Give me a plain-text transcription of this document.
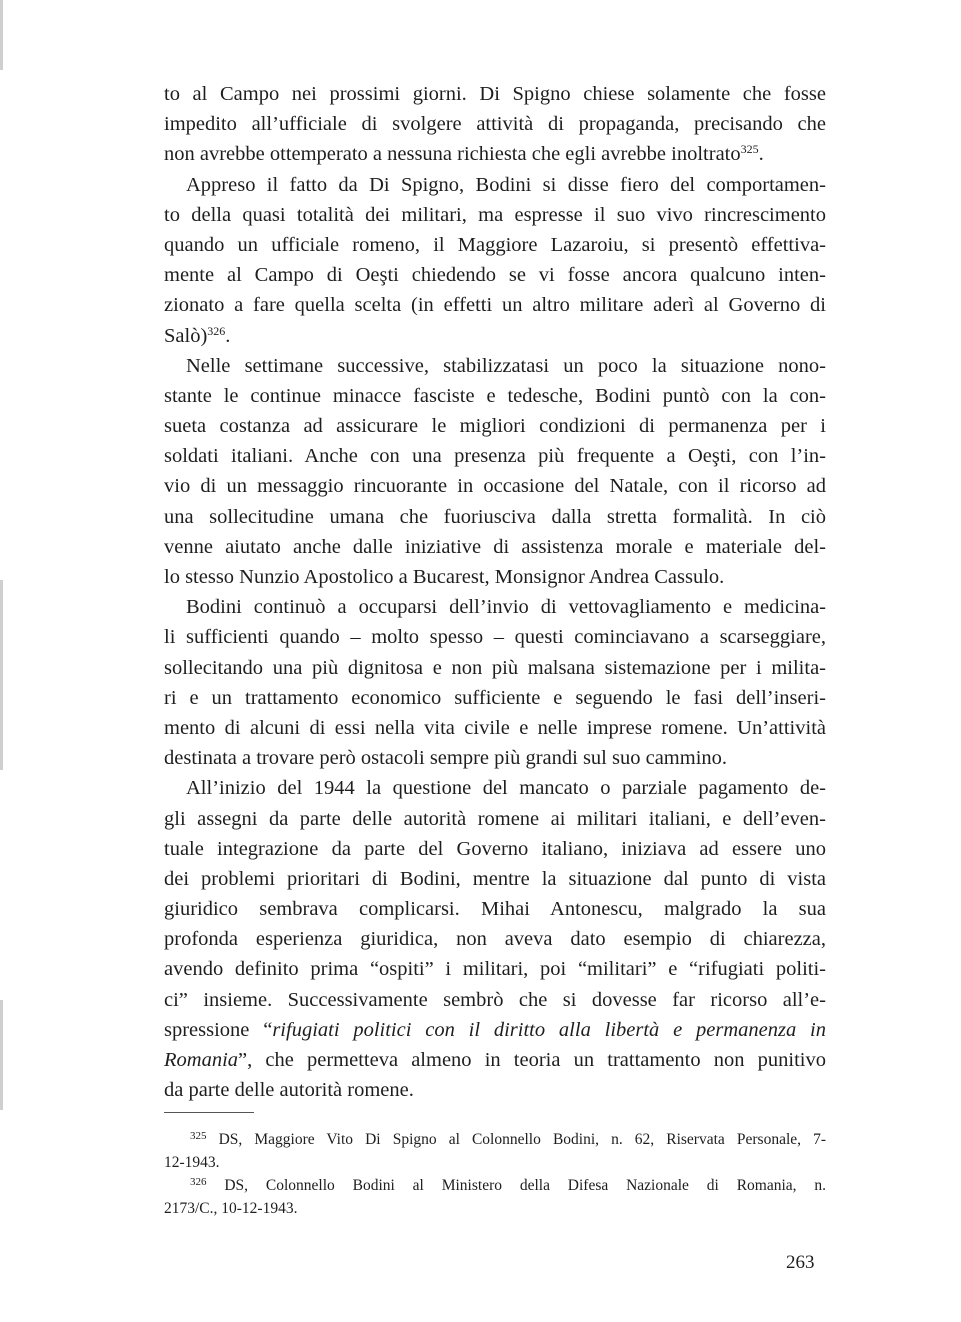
to al Campo nei prossimi giorni. Di Spigno chiese solamente che fosse
impedito all’ufficiale di svolgere attività di propaganda, precisando che
non avrebbe ottemperato a nessuna richiesta che egli avrebbe inoltrato$^{325}$.
Appreso il fatto da Di Spigno, Bodini si disse fiero del comportamen-
to della quasi totalità dei militari, ma espresse il suo vivo rincrescimento
quando un ufficiale romeno, il Maggiore Lazaroiu, si presentò effettiva-
mente al Campo di Oeşti chiedendo se vi fosse ancora qualcuno inten-
zionato a fare quella scelta (in effetti un altro militare aderì al Governo di
Salò)$^{326}$.
Nelle settimane successive, stabilizzatasi un poco la situazione nono-
stante le continue minacce fasciste e tedesche, Bodini puntò con la con-
sueta costanza ad assicurare le migliori condizioni di permanenza per i
soldati italiani. Anche con una presenza più frequente a Oeşti, con l’in-
vio di un messaggio rincuorante in occasione del Natale, con il ricorso ad
una sollecitudine umana che fuoriusciva dalla stretta formalità. In ciò
venne aiutato anche dalle iniziative di assistenza morale e materiale del-
lo stesso Nunzio Apostolico a Bucarest, Monsignor Andrea Cassulo.
Bodini continuò a occuparsi dell’invio di vettovagliamento e medicina-
li sufficienti quando – molto spesso – questi cominciavano a scarseggiare,
sollecitando una più dignitosa e non più malsana sistemazione per i milita-
ri e un trattamento economico sufficiente e seguendo le fasi dell’inseri-
mento di alcuni di essi nella vita civile e nelle imprese romene. Un’attività
destinata a trovare però ostacoli sempre più grandi sul suo cammino.
All’inizio del 1944 la questione del mancato o parziale pagamento de-
gli assegni da parte delle autorità romene ai militari italiani, e dell’even-
tuale integrazione da parte del Governo italiano, iniziava ad essere uno
dei problemi prioritari di Bodini, mentre la situazione dal punto di vista
giuridico sembrava complicarsi. Mihai Antonescu, malgrado la sua
profonda esperienza giuridica, non aveva dato esempio di chiarezza,
avendo definito prima “ospiti” i militari, poi “militari” e “rifugiati politi-
ci” insieme. Successivamente sembrò che si dovesse far ricorso all’e-
spressione “rifugiati politici con il diritto alla libertà e permanenza in
Romania”, che permetteva almeno in teoria un trattamento non punitivo
da parte delle autorità romene.
$^{325}$ DS, Maggiore Vito Di Spigno al Colonnello Bodini, n. 62, Riservata Personale, 7-
12-1943.
$^{326}$ DS, Colonnello Bodini al Ministero della Difesa Nazionale di Romania, n.
2173/C., 10-12-1943.
263
